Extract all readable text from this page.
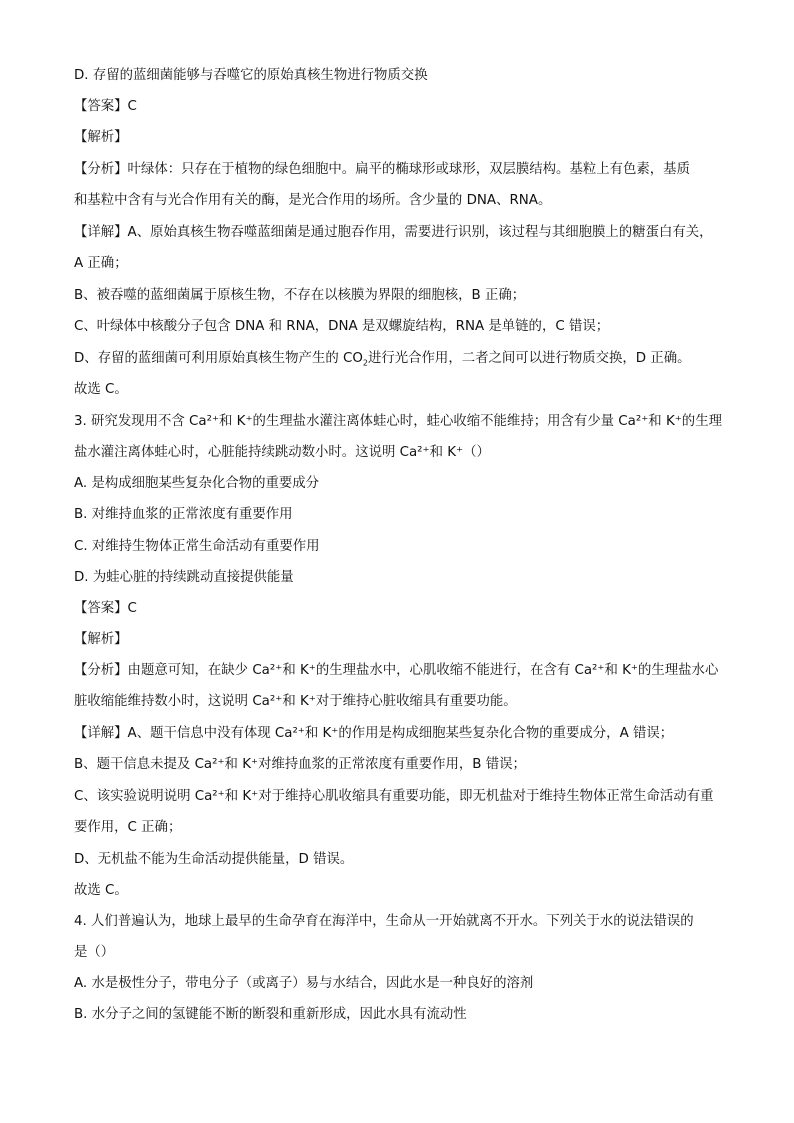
D. 存留的蓝细菌能够与吞噬它的原始真核生物进行物质交换
【答案】C
【解析】
【分析】叶绿体：只存在于植物的绿色细胞中。扁平的椭球形或球形，双层膜结构。基粒上有色素，基质
和基粒中含有与光合作用有关的酶，是光合作用的场所。含少量的 DNA、RNA。
【详解】A、原始真核生物吞噬蓝细菌是通过胞吞作用，需要进行识别，该过程与其细胞膜上的糖蛋白有关，
A 正确；
B、被吞噬的蓝细菌属于原核生物，不存在以核膜为界限的细胞核，B 正确；
C、叶绿体中核酸分子包含 DNA 和 RNA，DNA 是双螺旋结构，RNA 是单链的，C 错误；
D、存留的蓝细菌可利用原始真核生物产生的 $CO_2$进行光合作用，二者之间可以进行物质交换，D 正确。
故选 C。
3. 研究发现用不含 Ca²⁺和 K⁺的生理盐水灌注离体蛙心时，蛙心收缩不能维持；用含有少量 Ca²⁺和 K⁺的生理
盐水灌注离体蛙心时，心脏能持续跳动数小时。这说明 Ca²⁺和 K⁺（）
A. 是构成细胞某些复杂化合物的重要成分
B. 对维持血浆的正常浓度有重要作用
C. 对维持生物体正常生命活动有重要作用
D. 为蛙心脏的持续跳动直接提供能量
【答案】C
【解析】
【分析】由题意可知，在缺少 Ca²⁺和 K⁺的生理盐水中，心肌收缩不能进行，在含有 Ca²⁺和 K⁺的生理盐水心
脏收缩能维持数小时，这说明 Ca²⁺和 K⁺对于维持心脏收缩具有重要功能。
【详解】A、题干信息中没有体现 Ca²⁺和 K⁺的作用是构成细胞某些复杂化合物的重要成分，A 错误；
B、题干信息未提及 Ca²⁺和 K⁺对维持血浆的正常浓度有重要作用，B 错误；
C、该实验说明说明 Ca²⁺和 K⁺对于维持心肌收缩具有重要功能，即无机盐对于维持生物体正常生命活动有重
要作用，C 正确；
D、无机盐不能为生命活动提供能量，D 错误。
故选 C。
4. 人们普遍认为，地球上最早的生命孕育在海洋中，生命从一开始就离不开水。下列关于水的说法错误的
是（）
A. 水是极性分子，带电分子（或离子）易与水结合，因此水是一种良好的溶剂
B. 水分子之间的氢键能不断的断裂和重新形成，因此水具有流动性
